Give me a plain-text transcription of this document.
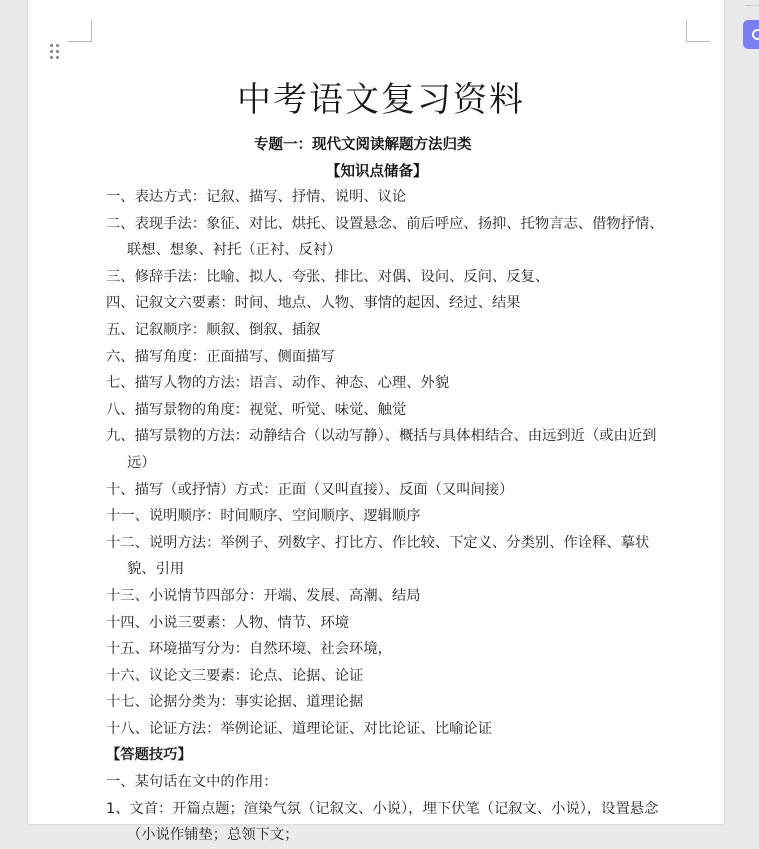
中考语文复习资料
专题一：现代文阅读解题方法归类
【知识点储备】
一、表达方式：记叙、描写、抒情、说明、议论
二、表现手法：象征、对比、烘托、设置悬念、前后呼应、扬抑、托物言志、借物抒情、联想、想象、衬托（正衬、反衬）
三、修辞手法：比喻、拟人、夸张、排比、对偶、设问、反问、反复、
四、记叙文六要素：时间、地点、人物、事情的起因、经过、结果
五、记叙顺序：顺叙、倒叙、插叙
六、描写角度：正面描写、侧面描写
七、描写人物的方法：语言、动作、神态、心理、外貌
八、描写景物的角度：视觉、听觉、味觉、触觉
九、描写景物的方法：动静结合（以动写静）、概括与具体相结合、由远到近（或由近到远）
十、描写（或抒情）方式：正面（又叫直接）、反面（又叫间接）
十一、说明顺序：时间顺序、空间顺序、逻辑顺序
十二、说明方法：举例子、列数字、打比方、作比较、下定义、分类别、作诠释、摹状貌、引用
十三、小说情节四部分：开端、发展、高潮、结局
十四、小说三要素：人物、情节、环境
十五、环境描写分为：自然环境、社会环境，
十六、议论文三要素：论点、论据、论证
十七、论据分类为：事实论据、道理论据
十八、论证方法：举例论证、道理论证、对比论证、比喻论证
【答题技巧】
一、某句话在文中的作用：
1、文首：开篇点题；渲染气氛（记叙文、小说），埋下伏笔（记叙文、小说），设置悬念（小说作铺垫；总领下文；
